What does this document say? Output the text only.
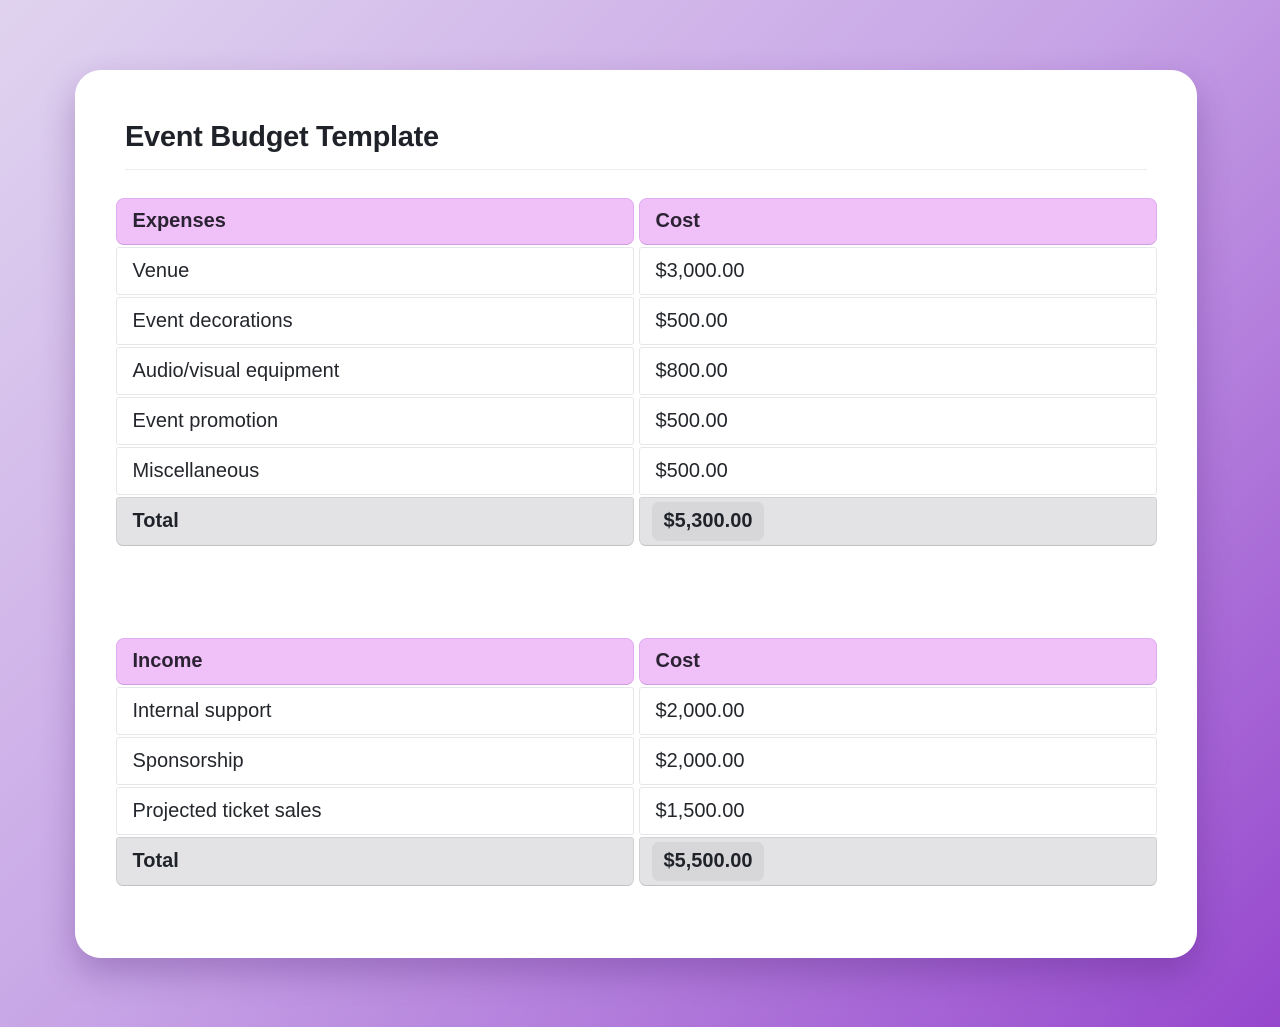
Event Budget Template
Expenses	Cost
Venue	$3,000.00
Event decorations	$500.00
Audio/visual equipment	$800.00
Event promotion	$500.00
Miscellaneous	$500.00
Total	$5,300.00
Income	Cost
Internal support	$2,000.00
Sponsorship	$2,000.00
Projected ticket sales	$1,500.00
Total	$5,500.00
